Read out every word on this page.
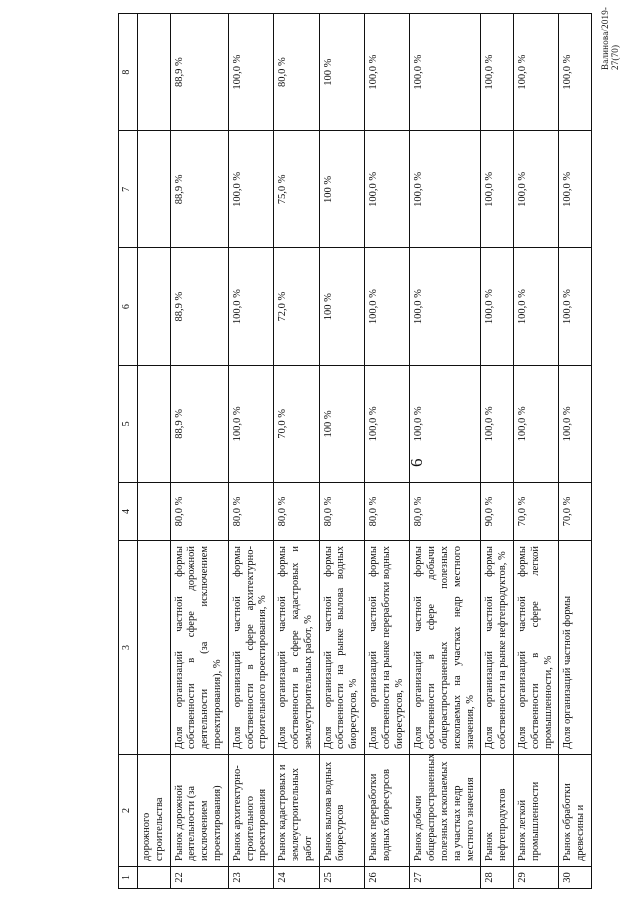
6
1	2	3	4	5	6	7	8
	дорожного строительства						
22	Рынок дорожной деятельности (за исключением проектирования)	Доля организаций частной формы собственности в сфере дорожной деятельности (за исключением проектирования), %	80,0 %	88,9 %	88,9 %	88,9 %	88,9 %
23	Рынок архитектурно-строительного проектирования	Доля организаций частной формы собственности в сфере архитектурно-строительного проектирования, %	80,0 %	100,0 %	100,0 %	100,0 %	100,0 %
24	Рынок кадастровых и землеустроительных работ	Доля организаций частной формы собственности в сфере кадастровых и землеустроительных работ, %	80,0 %	70,0 %	72,0 %	75,0 %	80,0 %
25	Рынок вылова водных биоресурсов	Доля организаций частной формы собственности на рынке вылова водных биоресурсов, %	80,0 %	100 %	100 %	100 %	100 %
26	Рынок переработки водных биоресурсов	Доля организаций частной формы собственности на рынке переработки водных биоресурсов, %	80,0 %	100,0 %	100,0 %	100,0 %	100,0 %
27	Рынок добычи общераспространенных полезных ископаемых на участках недр местного значения	Доля организаций частной формы собственности в сфере добычи общераспространенных полезных ископаемых на участках недр местного значения, %	80,0 %	100,0 %	100,0 %	100,0 %	100,0 %
28	Рынок нефтепродуктов	Доля организаций частной формы собственности на рынке нефтепродуктов, %	90,0 %	100,0 %	100,0 %	100,0 %	100,0 %
29	Рынок легкой промышленности	Доля организаций частной формы собственности в сфере легкой промышленности, %	70,0 %	100,0 %	100,0 %	100,0 %	100,0 %
30	Рынок обработки древесины и	Доля организаций частной формы	70,0 %	100,0 %	100,0 %	100,0 %	100,0 %
Валинова/2019-27(70)
